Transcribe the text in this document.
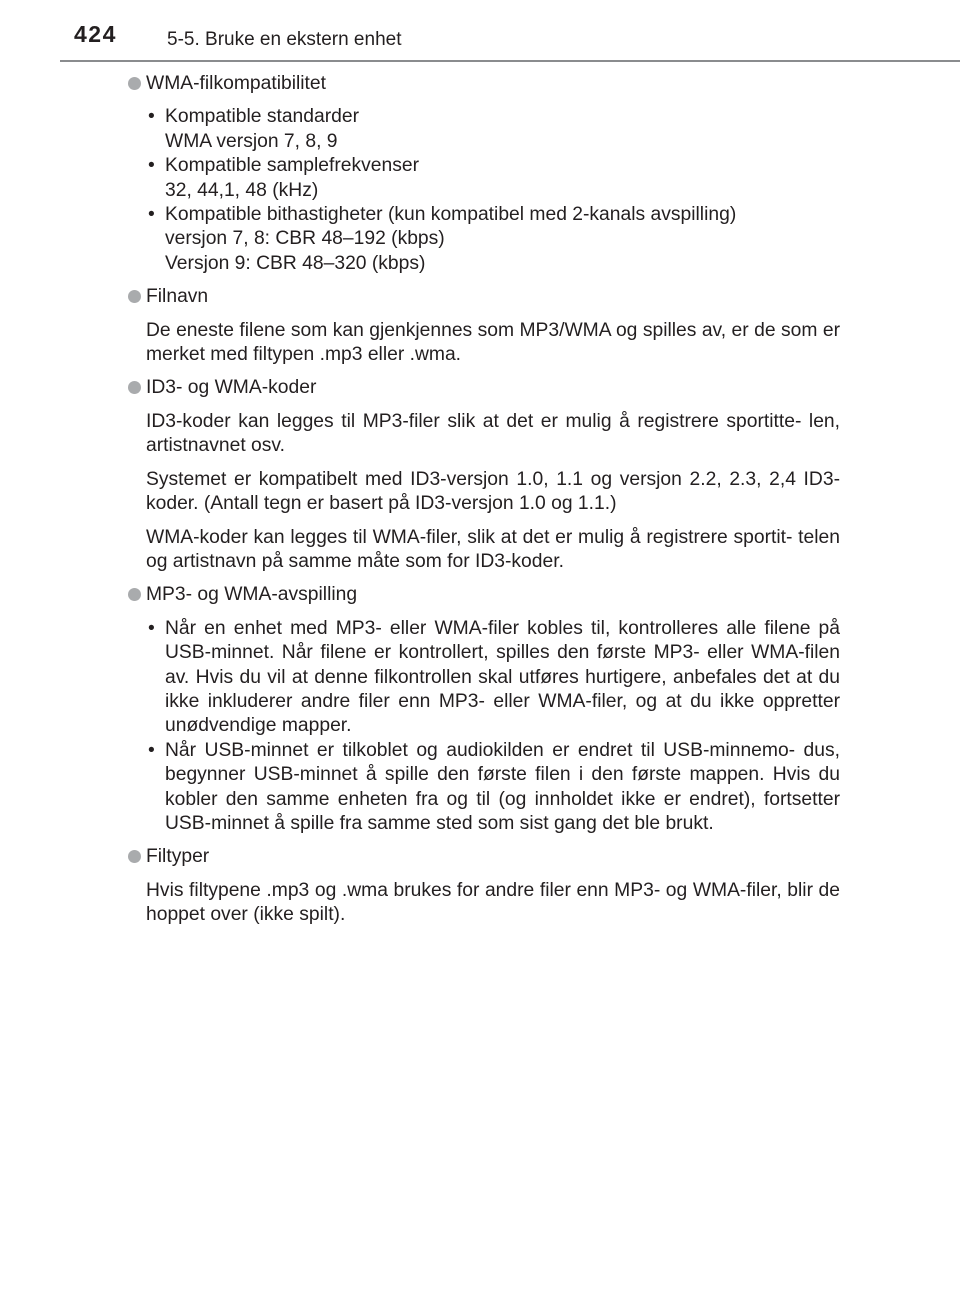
424	5-5. Bruke en ekstern enhet

WMA-filkompatibilitet

• Kompatible standarder
WMA versjon 7, 8, 9
• Kompatible samplefrekvenser
32, 44,1, 48 (kHz)
• Kompatible bithastigheter (kun kompatibel med 2-kanals avspilling)
versjon 7, 8: CBR 48–192 (kbps)
Versjon 9: CBR 48–320 (kbps)

Filnavn

De eneste filene som kan gjenkjennes som MP3/WMA og spilles av, er de som er merket med filtypen .mp3 eller .wma.

ID3- og WMA-koder

ID3-koder kan legges til MP3-filer slik at det er mulig å registrere sportitte- len, artistnavnet osv.

Systemet er kompatibelt med ID3-versjon 1.0, 1.1 og versjon 2.2, 2.3, 2,4 ID3-koder. (Antall tegn er basert på ID3-versjon 1.0 og 1.1.)

WMA-koder kan legges til WMA-filer, slik at det er mulig å registrere sportit- telen og artistnavn på samme måte som for ID3-koder.

MP3- og WMA-avspilling

• Når en enhet med MP3- eller WMA-filer kobles til, kontrolleres alle filene på USB-minnet. Når filene er kontrollert, spilles den første MP3- eller WMA-filen av. Hvis du vil at denne filkontrollen skal utføres hurtigere, anbefales det at du ikke inkluderer andre filer enn MP3- eller WMA-filer, og at du ikke oppretter unødvendige mapper.
• Når USB-minnet er tilkoblet og audiokilden er endret til USB-minnemo- dus, begynner USB-minnet å spille den første filen i den første mappen. Hvis du kobler den samme enheten fra og til (og innholdet ikke er endret), fortsetter USB-minnet å spille fra samme sted som sist gang det ble brukt.

Filtyper

Hvis filtypene .mp3 og .wma brukes for andre filer enn MP3- og WMA-filer, blir de hoppet over (ikke spilt).
